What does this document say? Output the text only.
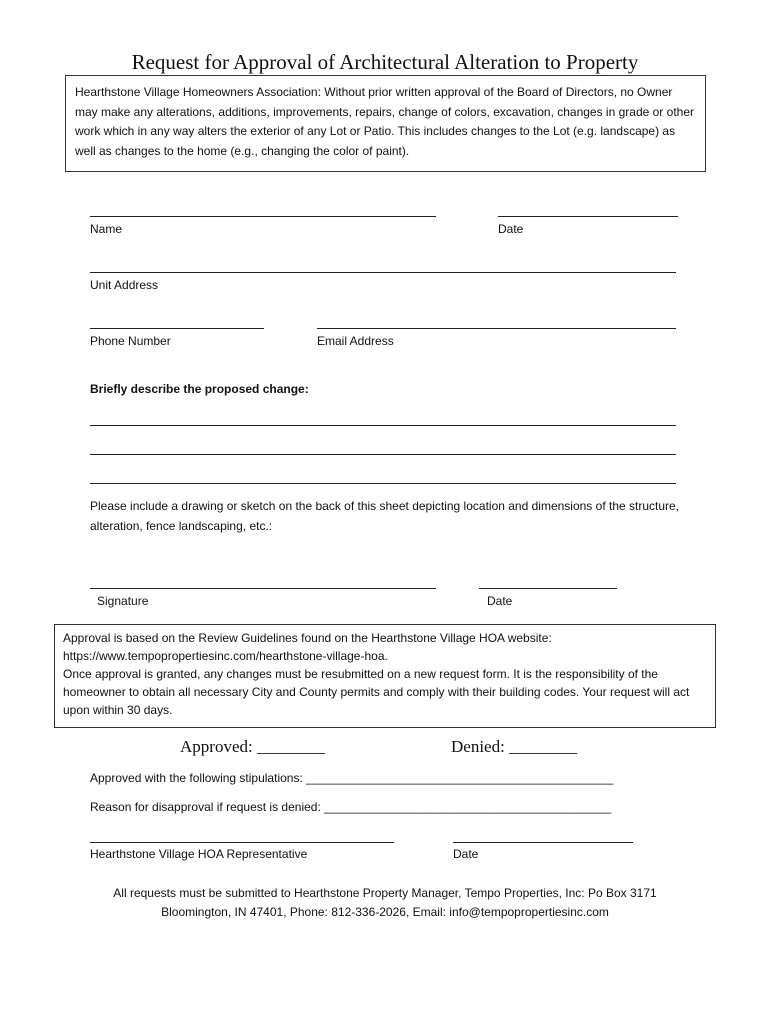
Request for Approval of Architectural Alteration to Property
Hearthstone Village Homeowners Association: Without prior written approval of the Board of Directors, no Owner may make any alterations, additions, improvements, repairs, change of colors, excavation, changes in grade or other work which in any way alters the exterior of any Lot or Patio. This includes changes to the Lot (e.g. landscape) as well as changes to the home (e.g., changing the color of paint).
Name	Date
Unit Address
Phone Number	Email Address
Briefly describe the proposed change:
Please include a drawing or sketch on the back of this sheet depicting location and dimensions of the structure, alteration, fence landscaping, etc.:
Signature	Date
Approval is based on the Review Guidelines found on the Hearthstone Village HOA website:
https://www.tempopropertiesinc.com/hearthstone-village-hoa.
Once approval is granted, any changes must be resubmitted on a new request form. It is the responsibility of the homeowner to obtain all necessary City and County permits and comply with their building codes. Your request will act upon within 30 days.
Approved: ________	Denied: ________
Approved with the following stipulations: ______________________________________________
Reason for disapproval if request is denied: ___________________________________________
Hearthstone Village HOA Representative	Date
All requests must be submitted to Hearthstone Property Manager, Tempo Properties, Inc: Po Box 3171
Bloomington, IN 47401, Phone: 812-336-2026, Email: info@tempopropertiesinc.com
